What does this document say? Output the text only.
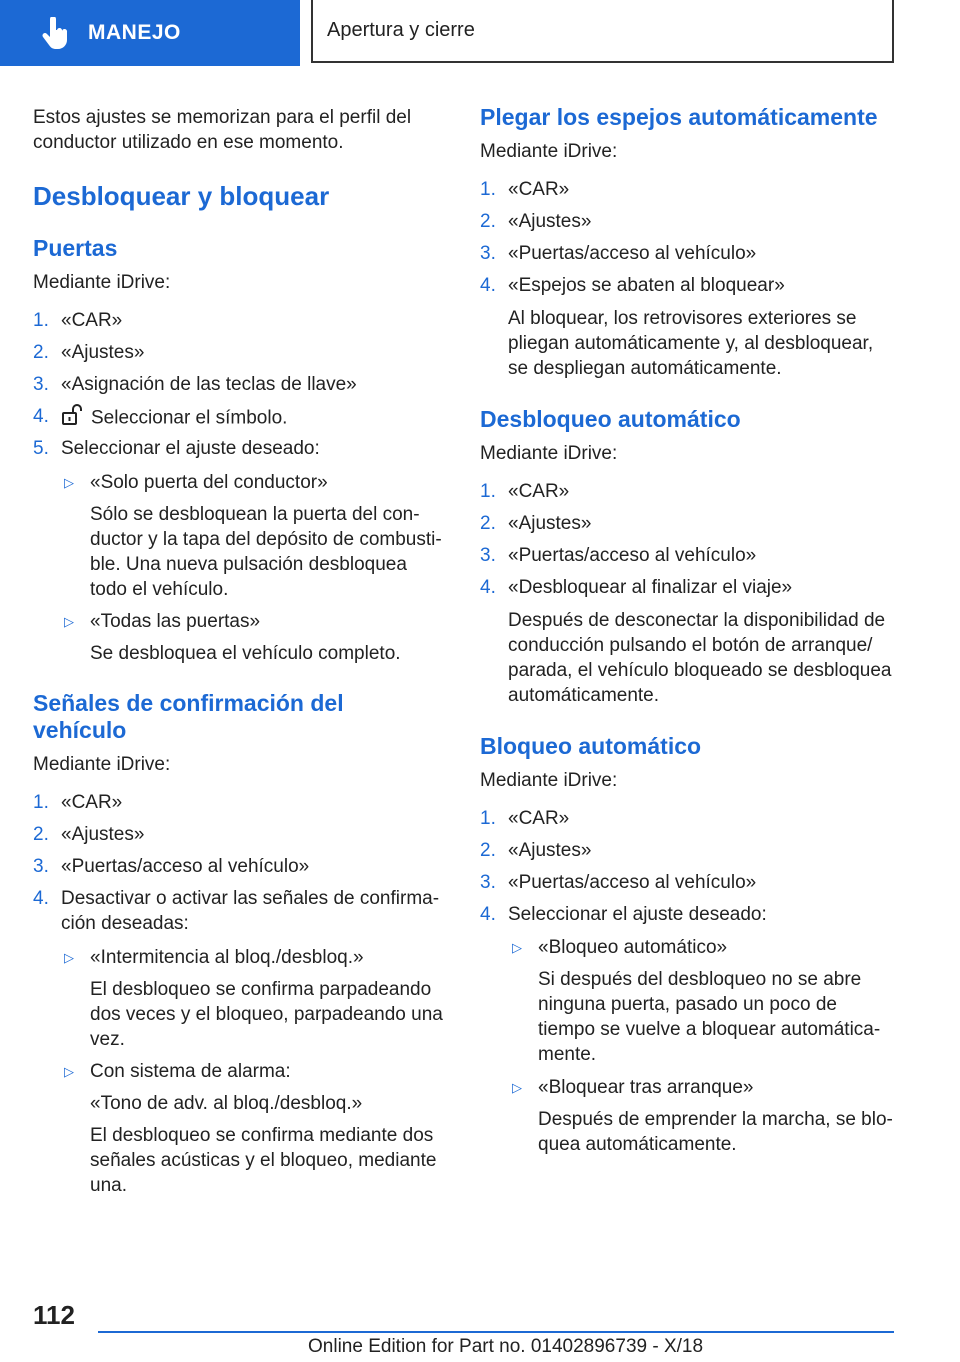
MANEJO	Apertura y cierre
Estos ajustes se memorizan para el perfil del
conductor utilizado en ese momento.
Desbloquear y bloquear
Puertas
Mediante iDrive:
1. «CAR»
2. «Ajustes»
3. «Asignación de las teclas de llave»
4.	Seleccionar el símbolo.
5. Seleccionar el ajuste deseado:
▷ «Solo puerta del conductor»
Sólo se desbloquean la puerta del con-
ductor y la tapa del depósito de combusti-
ble. Una nueva pulsación desbloquea
todo el vehículo.
▷ «Todas las puertas»
Se desbloquea el vehículo completo.
Señales de confirmación del
vehículo
Mediante iDrive:
1. «CAR»
2. «Ajustes»
3. «Puertas/acceso al vehículo»
4. Desactivar o activar las señales de confirma-
ción deseadas:
▷ «Intermitencia al bloq./desbloq.»
El desbloqueo se confirma parpadeando
dos veces y el bloqueo, parpadeando una
vez.
▷ Con sistema de alarma:
«Tono de adv. al bloq./desbloq.»
El desbloqueo se confirma mediante dos
señales acústicas y el bloqueo, mediante
una.
Plegar los espejos automáticamente
Mediante iDrive:
1. «CAR»
2. «Ajustes»
3. «Puertas/acceso al vehículo»
4. «Espejos se abaten al bloquear»
Al bloquear, los retrovisores exteriores se
pliegan automáticamente y, al desbloquear,
se despliegan automáticamente.
Desbloqueo automático
Mediante iDrive:
1. «CAR»
2. «Ajustes»
3. «Puertas/acceso al vehículo»
4. «Desbloquear al finalizar el viaje»
Después de desconectar la disponibilidad de
conducción pulsando el botón de arranque/
parada, el vehículo bloqueado se desbloquea
automáticamente.
Bloqueo automático
Mediante iDrive:
1. «CAR»
2. «Ajustes»
3. «Puertas/acceso al vehículo»
4. Seleccionar el ajuste deseado:
▷ «Bloqueo automático»
Si después del desbloqueo no se abre
ninguna puerta, pasado un poco de
tiempo se vuelve a bloquear automática-
mente.
▷ «Bloquear tras arranque»
Después de emprender la marcha, se blo-
quea automáticamente.
112
Online Edition for Part no. 01402896739 - X/18
